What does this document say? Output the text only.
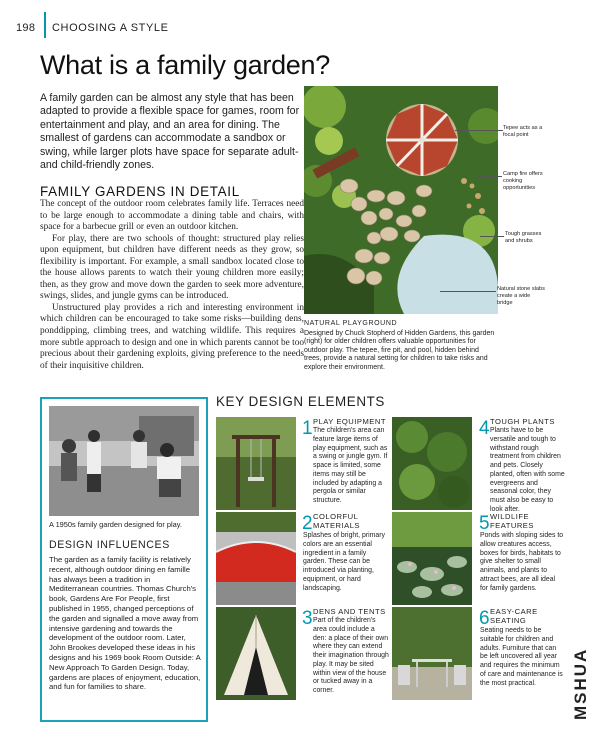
198 CHOOSING A STYLE
What is a family garden?
A family garden can be almost any style that has been adapted to provide a flexible space for games, room for entertainment and play, and an area for dining. The smallest of gardens can accommodate a sandbox or swing, while larger plots have space for separate adult- and child-friendly zones.
FAMILY GARDENS IN DETAIL

The concept of the outdoor room celebrates family life. Terraces need to be large enough to accommodate a dining table and chairs, with space for a barbecue grill or even an outdoor kitchen.

For play, there are two schools of thought: structured play relies upon equipment, but children have different needs as they grow, so flexibility is important. For example, a small sandbox located close to the house allows parents to watch their young children more easily; then, as they grow and move down the garden to seek more adventure, swings, slides, and jungle gyms can be introduced.

Unstructured play provides a rich and interesting environment in which children can be encouraged to take some risks—building dens, ponddipping, climbing trees, and watching wildlife. This requires a more subtle approach to design and one in which parents cannot be too precious about their gardening exploits, giving preference to the needs of their inquisitive children.

Tepee acts as a focal point
Camp fire offers cooking opportunities
Tough grasses and shrubs
Natural stone slabs create a wide bridge
NATURAL PLAYGROUND
Designed by Chuck Stopherd of Hidden Gardens, this garden (right) for older children offers valuable opportunities for outdoor play. The tepee, fire pit, and pool, hidden behind trees, provide a natural setting for children to take risks and explore their environment.
A 1950s family garden designed for play.
DESIGN INFLUENCES
The garden as a family facility is relatively recent, although outdoor dining en famille has always been a tradition in Mediterranean countries. Thomas Church's book, Gardens Are For People, first published in 1955, changed perceptions of the garden and signalled a move away from intensive gardening and towards the development of the outdoor room. Later, John Brookes developed these ideas in his designs and his 1969 book Room Outside: A New Approach To Garden Design. Today, gardens are places of enjoyment, education, and fun for families to share.
KEY DESIGN ELEMENTS
1 PLAY EQUIPMENT
The children's area can feature large items of play equipment, such as a swing or jungle gym. If space is limited, some items may still be included by adapting a pergola or similar structure.
2 COLORFUL MATERIALS
Splashes of bright, primary colors are an essential ingredient in a family garden. These can be introduced via planting, equipment, or hard landscaping.
3 DENS AND TENTS
Part of the children's area could include a den: a place of their own where they can extend their imagination through play. It may be sited within view of the house or tucked away in a corner.
4 TOUGH PLANTS
Plants have to be versatile and tough to withstand rough treatment from children and pets. Closely planted, often with some evergreens and seasonal color, they must also be easy to look after.
5 WILDLIFE FEATURES
Ponds with sloping sides to allow creatures access, boxes for birds, habitats to give shelter to small animals, and plants to attract bees, are all ideal for family gardens.
6 EASY-CARE SEATING
Seating needs to be suitable for children and adults. Furniture that can be left uncovered all year and requires the minimum of care and maintenance is the most practical.	MSHUA
